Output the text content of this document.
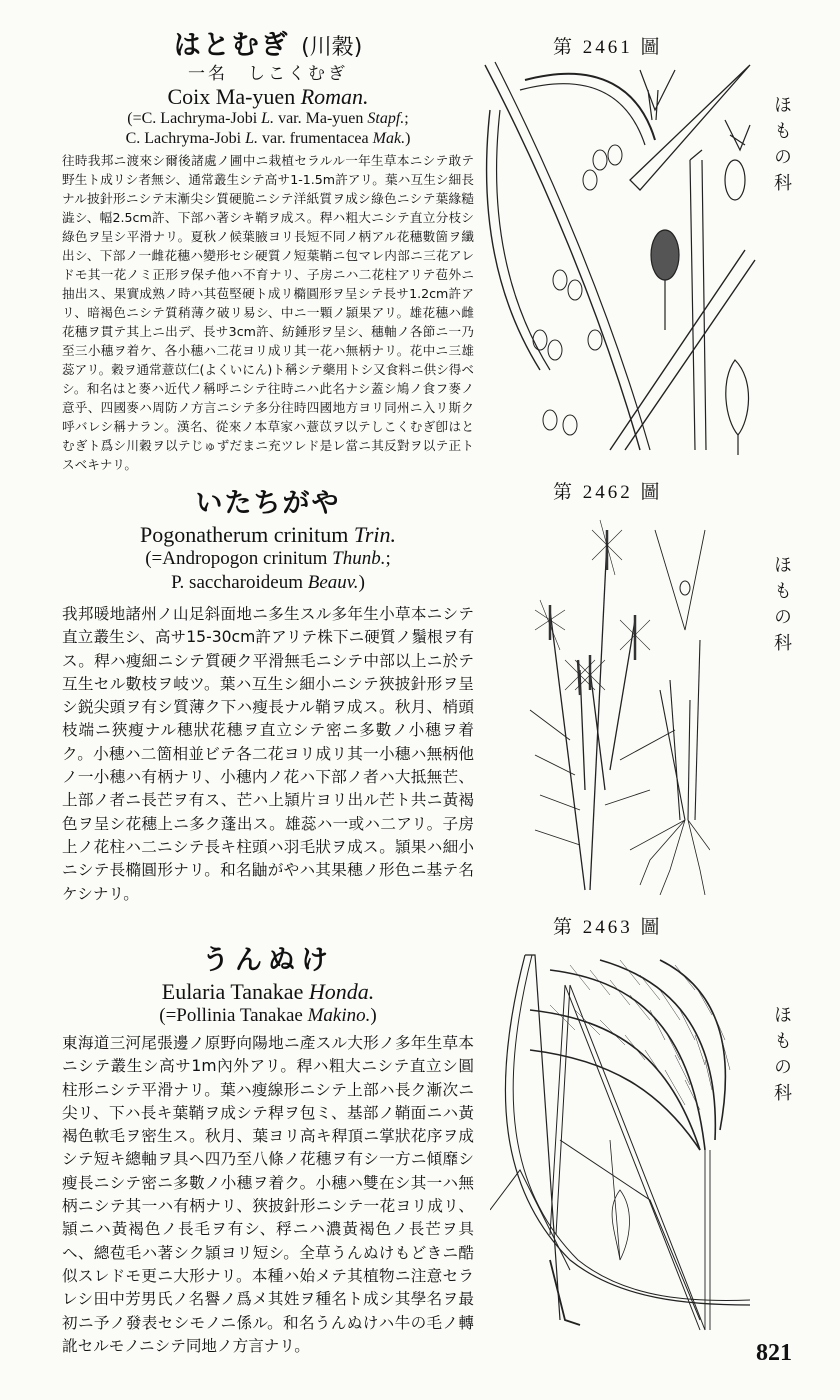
はとむぎ (川穀)
一名　しこくむぎ
Coix Ma-yuen Roman.
(=C. Lachryma-Jobi L. var. Ma-yuen Stapf.;
C. Lachryma-Jobi L. var. frumentacea Mak.)
往時我邦ニ渡來シ爾後諸處ノ圃中ニ栽植セラルル一年生草本ニシテ敢テ野生ト成リシ者無シ、通常叢生シテ高サ1-1.5m許アリ。葉ハ互生シ細長ナル披針形ニシテ末漸尖シ質硬脆ニシテ洋紙質ヲ成シ綠色ニシテ葉緣糙澁シ、幅2.5cm許、下部ハ著シキ鞘ヲ成ス。稈ハ粗大ニシテ直立分枝シ綠色ヲ呈シ平滑ナリ。夏秋ノ候葉腋ヨリ長短不同ノ柄アル花穗數箇ヲ纖出シ、下部ノ一雌花穗ハ變形セシ硬質ノ短葉鞘ニ包マレ内部ニ三花アレドモ其一花ノミ正形ヲ保チ他ハ不育ナリ、子房ニハ二花柱アリテ苞外ニ抽出ス、果實成熟ノ時ハ其苞堅硬ト成リ橢圓形ヲ呈シテ長サ1.2cm許アリ、暗褐色ニシテ質稍薄ク破リ易シ、中ニ一顆ノ頴果アリ。雄花穗ハ雌花穗ヲ貫テ其上ニ出デ、長サ3cm許、紡錘形ヲ呈シ、穗軸ノ各節ニ一乃至三小穗ヲ着ケ、各小穗ハ二花ヨリ成リ其一花ハ無柄ナリ。花中ニ三雄蕊アリ。穀ヲ通常薏苡仁(よくいにん)ト稱シテ藥用トシ又食料ニ供シ得ベシ。和名はと麥ハ近代ノ稱呼ニシテ往時ニハ此名ナシ蓋シ鳩ノ食フ麥ノ意乎、四國麥ハ周防ノ方言ニシテ多分往時四國地方ヨリ同州ニ入リ斯ク呼バレシ稱ナラン。漢名、從來ノ本草家ハ薏苡ヲ以テしこくむぎ卽はとむぎト爲シ川穀ヲ以テじゅずだまニ充ツレド是レ當ニ其反對ヲ以テ正トスベキナリ。
いたちがや
Pogonatherum crinitum Trin.
(=Andropogon crinitum Thunb.;
P. saccharoideum Beauv.)
我邦暖地諸州ノ山足斜面地ニ多生スル多年生小草本ニシテ直立叢生シ、高サ15-30cm許アリテ株下ニ硬質ノ鬚根ヲ有ス。稈ハ瘦細ニシテ質硬ク平滑無毛ニシテ中部以上ニ於テ互生セル數枝ヲ岐ツ。葉ハ互生シ細小ニシテ狹披針形ヲ呈シ鋭尖頭ヲ有シ質薄ク下ハ瘦長ナル鞘ヲ成ス。秋月、梢頭枝端ニ狹瘦ナル穗狀花穗ヲ直立シテ密ニ多數ノ小穗ヲ着ク。小穗ハ二箇相並ビテ各二花ヨリ成リ其一小穗ハ無柄他ノ一小穗ハ有柄ナリ、小穗内ノ花ハ下部ノ者ハ大抵無芒、上部ノ者ニ長芒ヲ有ス、芒ハ上頴片ヨリ出ル芒ト共ニ黃褐色ヲ呈シ花穗上ニ多ク蓬出ス。雄蕊ハ一或ハ二アリ。子房上ノ花柱ハ二ニシテ長キ柱頭ハ羽毛狀ヲ成ス。頴果ハ細小ニシテ長橢圓形ナリ。和名鼬がやハ其果穗ノ形色ニ基テ名ケシナリ。
うんぬけ
Eularia Tanakae Honda.
(=Pollinia Tanakae Makino.)
東海道三河尾張邊ノ原野向陽地ニ產スル大形ノ多年生草本ニシテ叢生シ高サ1m內外アリ。稈ハ粗大ニシテ直立シ圓柱形ニシテ平滑ナリ。葉ハ瘦線形ニシテ上部ハ長ク漸次ニ尖リ、下ハ長キ葉鞘ヲ成シテ稈ヲ包ミ、基部ノ鞘面ニハ黃褐色軟毛ヲ密生ス。秋月、葉ヨリ高キ稈頂ニ掌狀花序ヲ成シテ短キ總軸ヲ具ヘ四乃至八條ノ花穗ヲ有シ一方ニ傾靡シ瘦長ニシテ密ニ多數ノ小穗ヲ着ク。小穗ハ雙在シ其一ハ無柄ニシテ其一ハ有柄ナリ、狹披針形ニシテ一花ヨリ成リ、頴ニハ黃褐色ノ長毛ヲ有シ、稃ニハ濃黃褐色ノ長芒ヲ具ヘ、總苞毛ハ著シク頴ヨリ短シ。全草うんぬけもどきニ酷似スレドモ更ニ大形ナリ。本種ハ始メテ其植物ニ注意セラレシ田中芳男氏ノ名譽ノ爲メ其姓ヲ種名ト成シ其學名ヲ最初ニ予ノ發表セシモノニ係ル。和名うんぬけハ牛の毛ノ轉訛セルモノニシテ同地ノ方言ナリ。
第 2461 圖
第 2462 圖
第 2463 圖
ほもの科
ほもの科
ほもの科
821
